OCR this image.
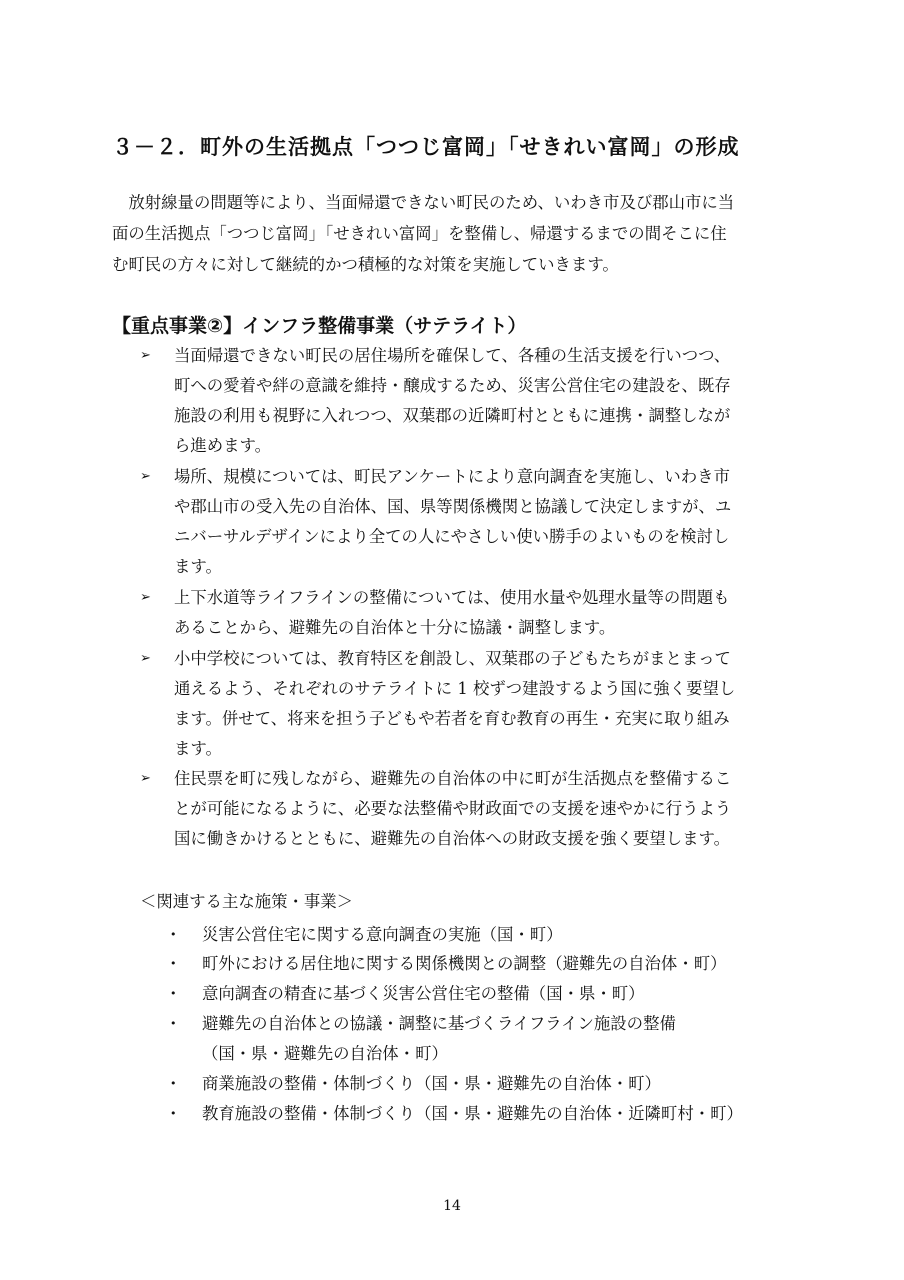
３－２．町外の生活拠点「つつじ富岡」「せきれい富岡」の形成

　放射線量の問題等により、当面帰還できない町民のため、いわき市及び郡山市に当
面の生活拠点「つつじ富岡」「せきれい富岡」を整備し、帰還するまでの間そこに住
む町民の方々に対して継続的かつ積極的な対策を実施していきます。

【重点事業②】インフラ整備事業（サテライト）
➢	当面帰還できない町民の居住場所を確保して、各種の生活支援を行いつつ、
町への愛着や絆の意識を維持・醸成するため、災害公営住宅の建設を、既存
施設の利用も視野に入れつつ、双葉郡の近隣町村とともに連携・調整しなが
ら進めます。
➢	場所、規模については、町民アンケートにより意向調査を実施し、いわき市
や郡山市の受入先の自治体、国、県等関係機関と協議して決定しますが、ユ
ニバーサルデザインにより全ての人にやさしい使い勝手のよいものを検討し
ます。
➢	上下水道等ライフラインの整備については、使用水量や処理水量等の問題も
あることから、避難先の自治体と十分に協議・調整します。
➢	小中学校については、教育特区を創設し、双葉郡の子どもたちがまとまって
通えるよう、それぞれのサテライトに 1 校ずつ建設するよう国に強く要望し
ます。併せて、将来を担う子どもや若者を育む教育の再生・充実に取り組み
ます。
➢	住民票を町に残しながら、避難先の自治体の中に町が生活拠点を整備するこ
とが可能になるように、必要な法整備や財政面での支援を速やかに行うよう
国に働きかけるとともに、避難先の自治体への財政支援を強く要望します。

＜関連する主な施策・事業＞

•	災害公営住宅に関する意向調査の実施（国・町）
•	町外における居住地に関する関係機関との調整（避難先の自治体・町）
•	意向調査の精査に基づく災害公営住宅の整備（国・県・町）
•	避難先の自治体との協議・調整に基づくライフライン施設の整備
（国・県・避難先の自治体・町）
•	商業施設の整備・体制づくり（国・県・避難先の自治体・町）
•	教育施設の整備・体制づくり（国・県・避難先の自治体・近隣町村・町）
14
